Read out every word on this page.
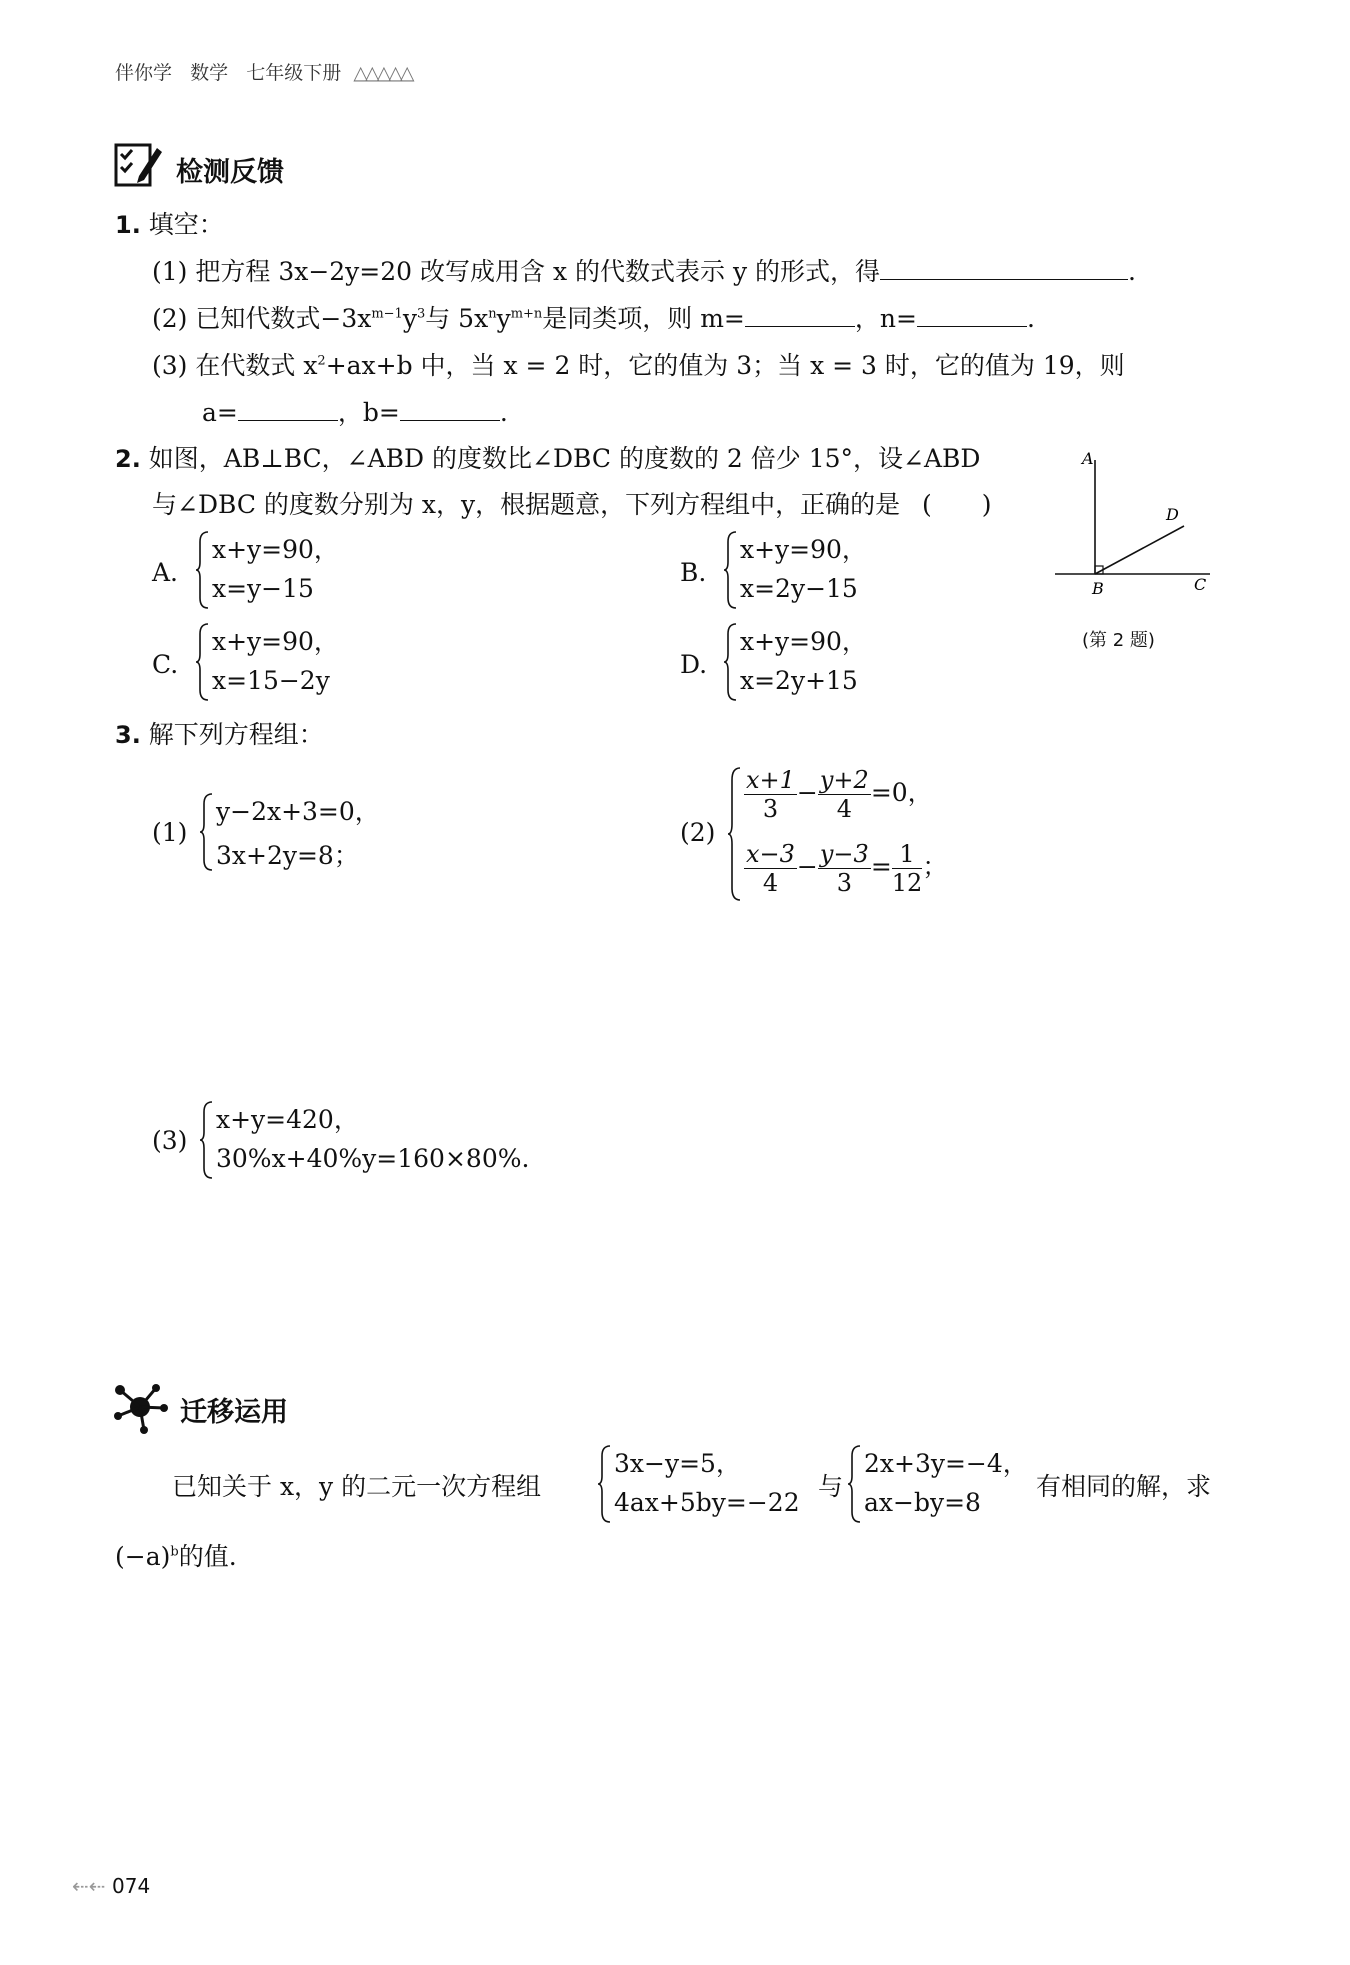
伴你学 数学 七年级下册 △△△△△
检测反馈
1. 填空：
(1) 把方程 3x−2y=20 改写成用含 x 的代数式表示 y 的形式，得	.
(2) 已知代数式$-3x^{m-1}y^3$与 $5x^ny^{m+n}$是同类项，则 m=	，n=	.
(3) 在代数式 $x^2+ax+b$ 中，当 x = 2 时，它的值为 3；当 x = 3 时，它的值为 19，则
a=	，b=	.
2. 如图，AB⊥BC，∠ABD 的度数比∠DBC 的度数的 2 倍少 15°，设∠ABD
与∠DBC 的度数分别为 x，y，根据题意，下列方程组中，正确的是 (　　)
A.
x+y=90，
x=y−15
B.
x+y=90，
x=2y−15
C.
x+y=90，
x=15−2y
D.
x+y=90，
x=2y+15
A
B	C
D
(第 2 题)
3. 解下列方程组：
(1)
y−2x+3=0，
3x+2y=8；
(2)
$\frac{x+1}{3} - \frac{y+2}{4} =0$，
$\frac{x-3}{4} - \frac{y-3}{3} = \frac{1}{12}$ ；
(3)
x+y=420，
30%x+40%y=160×80%.
迁移运用
已知关于 x，y 的二元一次方程组
3x−y=5，
4ax+5by=−22
与
2x+3y=−4，
ax−by=8
有相同的解，求
$(-a)^b$的值.
⇠⇠ 074
